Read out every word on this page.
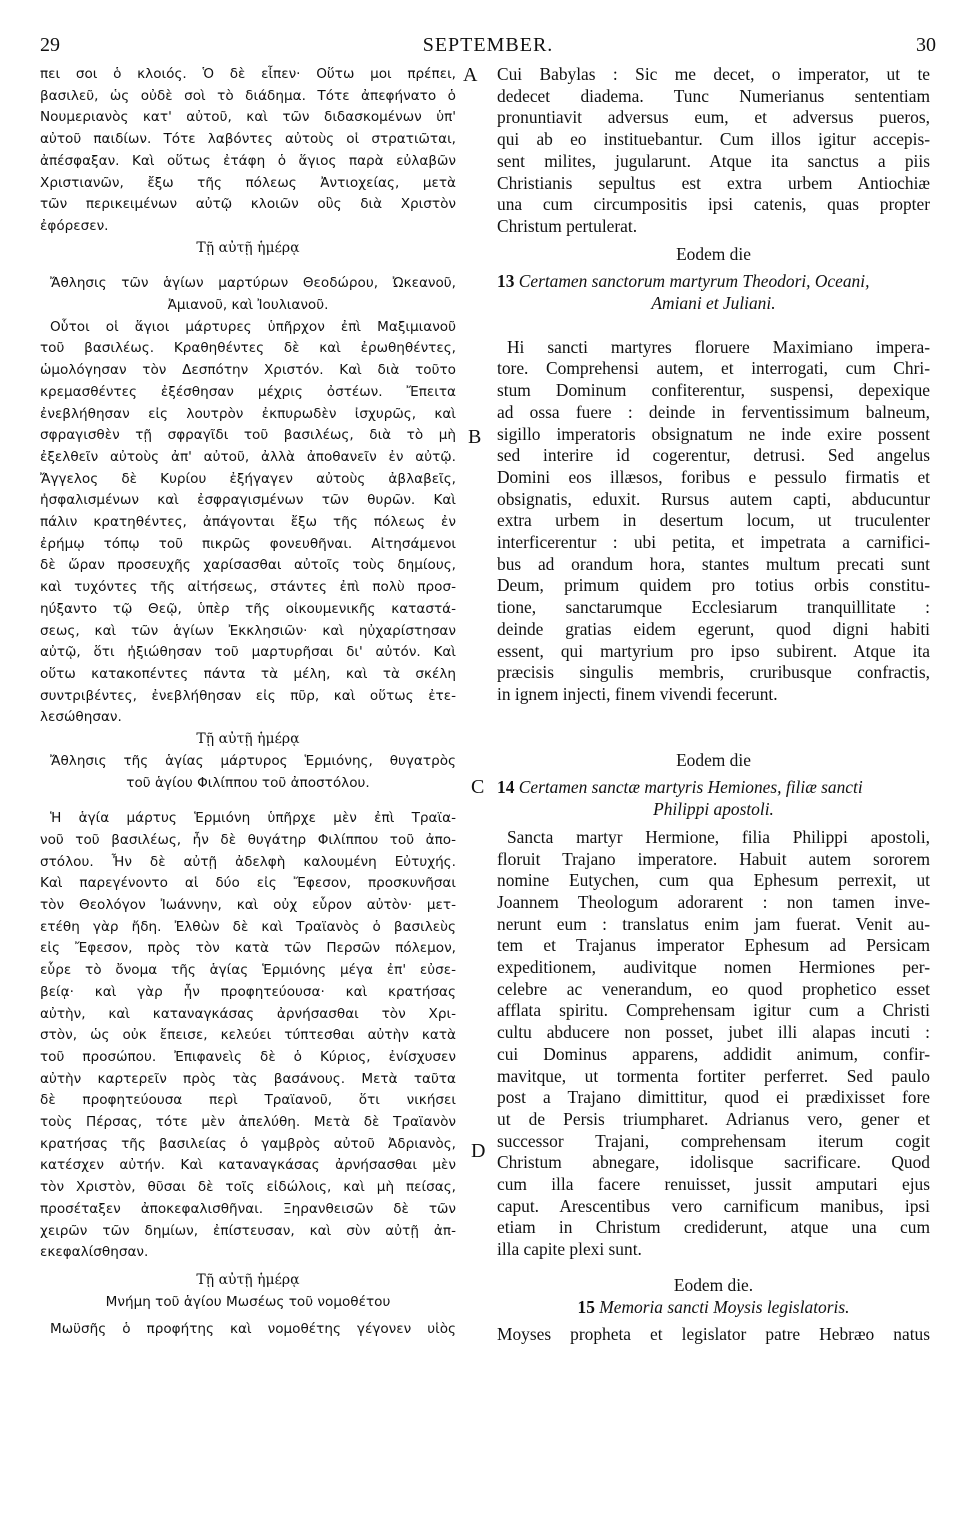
29	SEPTEMBER.	30
A
B
C
D
πει σοι ὁ κλοιός. Ὁ δὲ εἶπεν· Οὕτω μοι πρέπει,
βασιλεῦ, ὡς οὐδὲ σοὶ τὸ διάδημα. Τότε ἀπεφήνατο ὁ
Νουμεριανὸς κατ' αὐτοῦ, καὶ τῶν διδασκομένων ὑπ'
αὐτοῦ παιδίων. Τότε λαβόντες αὐτοὺς οἱ στρατιῶται,
ἀπέσφαξαν. Καὶ οὕτως ἐτάφη ὁ ἅγιος παρὰ εὐλαβῶν
Χριστιανῶν, ἔξω τῆς πόλεως Ἀντιοχείας, μετὰ
τῶν περικειμένων αὐτῷ κλοιῶν οὓς διὰ Χριστὸν
ἐφόρεσεν.
Τῇ αὐτῇ ἡμέρᾳ
Ἄθλησις τῶν ἁγίων μαρτύρων Θεοδώρου, Ὠκεανοῦ,
Ἀμιανοῦ, καὶ Ἰουλιανοῦ.
Οὗτοι οἱ ἅγιοι μάρτυρες ὑπῆρχον ἐπὶ Μαξιμιανοῦ
τοῦ βασιλέως. Κραθηθέντες δὲ καὶ ἐρωθηθέντες,
ὡμολόγησαν τὸν Δεσπότην Χριστόν. Καὶ διὰ τοῦτο
κρεμασθέντες ἐξέσθησαν μέχρις ὀστέων. Ἔπειτα
ἐνεβλήθησαν εἰς λουτρὸν ἐκπυρωδὲν ἰσχυρῶς, καὶ
σφραγισθὲν τῇ σφραγῖδι τοῦ βασιλέως, διὰ τὸ μὴ
ἐξελθεῖν αὐτοὺς ἀπ' αὐτοῦ, ἀλλὰ ἀποθανεῖν ἐν αὐτῷ.
Ἄγγελος δὲ Κυρίου ἐξήγαγεν αὐτοὺς ἀβλαβεῖς,
ἠσφαλισμένων καὶ ἐσφραγισμένων τῶν θυρῶν. Καὶ
πάλιν κρατηθέντες, ἀπάγονται ἔξω τῆς πόλεως ἐν
ἐρήμῳ τόπῳ τοῦ πικρῶς φονευθῆναι. Αἰτησάμενοι
δὲ ὥραν προσευχῆς χαρίσασθαι αὐτοῖς τοὺς δημίους,
καὶ τυχόντες τῆς αἰτήσεως, στάντες ἐπὶ πολὺ προσ-
ηύξαντο τῷ Θεῷ, ὑπὲρ τῆς οἰκουμενικῆς καταστά-
σεως, καὶ τῶν ἁγίων Ἐκκλησιῶν· καὶ ηὐχαρίστησαν
αὐτῷ, ὅτι ἠξιώθησαν τοῦ μαρτυρῆσαι δι' αὐτόν. Καὶ
οὕτω κατακοπέντες πάντα τὰ μέλη, καὶ τὰ σκέλη
συντριβέντες, ἐνεβλήθησαν εἰς πῦρ, καὶ οὕτως ἐτε-
λεσώθησαν.
Τῇ αὐτῇ ἡμέρᾳ
Ἄθλησις τῆς ἁγίας μάρτυρος Ἑρμιόνης, θυγατρὸς
τοῦ ἁγίου Φιλίππου τοῦ ἀποστόλου.
Ἡ ἁγία μάρτυς Ἑρμιόνη ὑπῆρχε μὲν ἐπὶ Τραϊα-
νοῦ τοῦ βασιλέως, ἦν δὲ θυγάτηρ Φιλίππου τοῦ ἀπο-
στόλου. Ἦν δὲ αὐτῇ ἀδελφὴ καλουμένη Εὐτυχής.
Καὶ παρεγένοντο αἱ δύο εἰς Ἔφεσον, προσκυνῆσαι
τὸν Θεολόγον Ἰωάννην, καὶ οὐχ εὗρον αὐτὸν· μετ-
ετέθη γὰρ ἤδη. Ἐλθὼν δὲ καὶ Τραϊανὸς ὁ βασιλεὺς
εἰς Ἔφεσον, πρὸς τὸν κατὰ τῶν Περσῶν πόλεμον,
εὗρε τὸ ὄνομα τῆς ἁγίας Ἑρμιόνης μέγα ἐπ' εὐσε-
βείᾳ· καὶ γὰρ ἦν προφητεύουσα· καὶ κρατήσας
αὐτὴν, καὶ καταναγκάσας ἀρνήσασθαι τὸν Χρι-
στὸν, ὡς οὐκ ἔπεισε, κελεύει τύπτεσθαι αὐτὴν κατὰ
τοῦ προσώπου. Ἐπιφανεὶς δὲ ὁ Κύριος, ἐνίσχυσεν
αὐτὴν καρτερεῖν πρὸς τὰς βασάνους. Μετὰ ταῦτα
δὲ προφητεύουσα περὶ Τραϊανοῦ, ὅτι νικήσει
τοὺς Πέρσας, τότε μὲν ἀπελύθη. Μετὰ δὲ Τραϊανὸν
κρατήσας τῆς βασιλείας ὁ γαμβρὸς αὐτοῦ Ἀδριανὸς,
κατέσχεν αὐτήν. Καὶ καταναγκάσας ἀρνήσασθαι μὲν
τὸν Χριστὸν, θῦσαι δὲ τοῖς εἰδώλοις, καὶ μὴ πείσας,
προσέταξεν ἀποκεφαλισθῆναι. Ξηρανθεισῶν δὲ τῶν
χειρῶν τῶν δημίων, ἐπίστευσαν, καὶ σὺν αὐτῇ ἀπ-
εκεφαλίσθησαν.
Τῇ αὐτῇ ἡμέρᾳ
Μνήμη τοῦ ἁγίου Μωσέως τοῦ νομοθέτου
Μωϋσῆς ὁ προφήτης καὶ νομοθέτης γέγονεν υἱὸς
Cui Babylas : Sic me decet, o imperator, ut te
dedecet diadema. Tunc Numerianus sententiam
pronuntiavit adversus eum, et adversus pueros,
qui ab eo instituebantur. Cum illos igitur accepis-
sent milites, jugularunt. Atque ita sanctus a piis
Christianis sepultus est extra urbem Antiochiæ
una cum circumpositis ipsi catenis, quas propter
Christum pertulerat.
Eodem die
13 Certamen sanctorum martyrum Theodori, Oceani,
Amiani et Juliani.
Hi sancti martyres floruere Maximiano impera-
tore. Comprehensi autem, et interrogati, cum Chri-
stum Dominum confiterentur, suspensi, depexique
ad ossa fuere : deinde in ferventissimum balneum,
sigillo imperatoris obsignatum ne inde exire possent
sed interire id cogerentur, detrusi. Sed angelus
Domini eos illæsos, foribus e pessulo firmatis et
obsignatis, eduxit. Rursus autem capti, abducuntur
extra urbem in desertum locum, ut truculenter
interficerentur : ubi petita, et impetrata a carnifici-
bus ad orandum hora, stantes multum precati sunt
Deum, primum quidem pro totius orbis constitu-
tione, sanctarumque Ecclesiarum tranquillitate :
deinde gratias eidem egerunt, quod digni habiti
essent, qui martyrium pro ipso subirent. Atque ita
præcisis singulis membris, cruribusque confractis,
in ignem injecti, finem vivendi fecerunt.
Eodem die
14 Certamen sanctæ martyris Hemiones, filiæ sancti
Philippi apostoli.
Sancta martyr Hermione, filia Philippi apostoli,
floruit Trajano imperatore. Habuit autem sororem
nomine Eutychen, cum qua Ephesum perrexit, ut
Joannem Theologum adorarent : non tamen inve-
nerunt eum : translatus enim jam fuerat. Venit au-
tem et Trajanus imperator Ephesum ad Persicam
expeditionem, audivitque nomen Hermiones per-
celebre ac venerandum, eo quod prophetico esset
afflata spiritu. Comprehensam igitur cum a Christi
cultu abducere non posset, jubet illi alapas incuti :
cui Dominus apparens, addidit animum, confir-
mavitque, ut tormenta fortiter perferret. Sed paulo
post a Trajano dimittitur, quod ei prædixisset fore
ut de Persis triumpharet. Adrianus vero, gener et
successor Trajani, comprehensam iterum cogit
Christum abnegare, idolisque sacrificare. Quod
cum illa facere renuisset, jussit amputari ejus
caput. Arescentibus vero carnificum manibus, ipsi
etiam in Christum crediderunt, atque una cum
illa capite plexi sunt.
Eodem die.
15 Memoria sancti Moysis legislatoris.
Moyses propheta et legislator patre Hebræo natus
